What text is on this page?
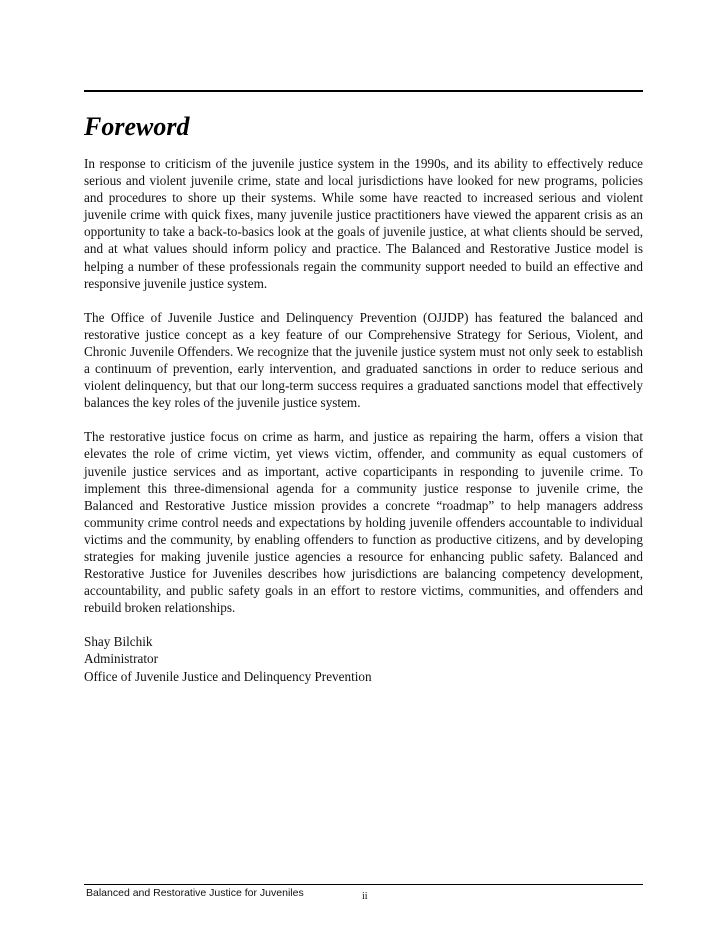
Foreword

In response to criticism of the juvenile justice system in the 1990s, and its ability to effectively reduce serious and violent juvenile crime, state and local jurisdictions have looked for new programs, policies and procedures to shore up their systems. While some have reacted to increased serious and violent juvenile crime with quick fixes, many juvenile justice practitioners have viewed the apparent crisis as an opportunity to take a back-to-basics look at the goals of juvenile justice, at what clients should be served, and at what values should inform policy and practice. The Balanced and Restorative Justice model is helping a number of these professionals regain the community support needed to build an effective and responsive juvenile justice system.

The Office of Juvenile Justice and Delinquency Prevention (OJJDP) has featured the balanced and restorative justice concept as a key feature of our Comprehensive Strategy for Serious, Violent, and Chronic Juvenile Offenders. We recognize that the juvenile justice system must not only seek to establish a continuum of prevention, early intervention, and graduated sanctions in order to reduce serious and violent delinquency, but that our long-term success requires a graduated sanctions model that effectively balances the key roles of the juvenile justice system.

The restorative justice focus on crime as harm, and justice as repairing the harm, offers a vision that elevates the role of crime victim, yet views victim, offender, and community as equal customers of juvenile justice services and as important, active coparticipants in responding to juvenile crime. To implement this three-dimensional agenda for a community justice response to juvenile crime, the Balanced and Restorative Justice mission provides a concrete “roadmap” to help managers address community crime control needs and expectations by holding juvenile offenders accountable to individual victims and the community, by enabling offenders to function as productive citizens, and by developing strategies for making juvenile justice agencies a resource for enhancing public safety. Balanced and Restorative Justice for Juveniles describes how jurisdictions are balancing competency development, accountability, and public safety goals in an effort to restore victims, communities, and offenders and rebuild broken relationships.

Shay Bilchik

Administrator

Office of Juvenile Justice and Delinquency Prevention

Balanced and Restorative Justice for Juveniles	ii
